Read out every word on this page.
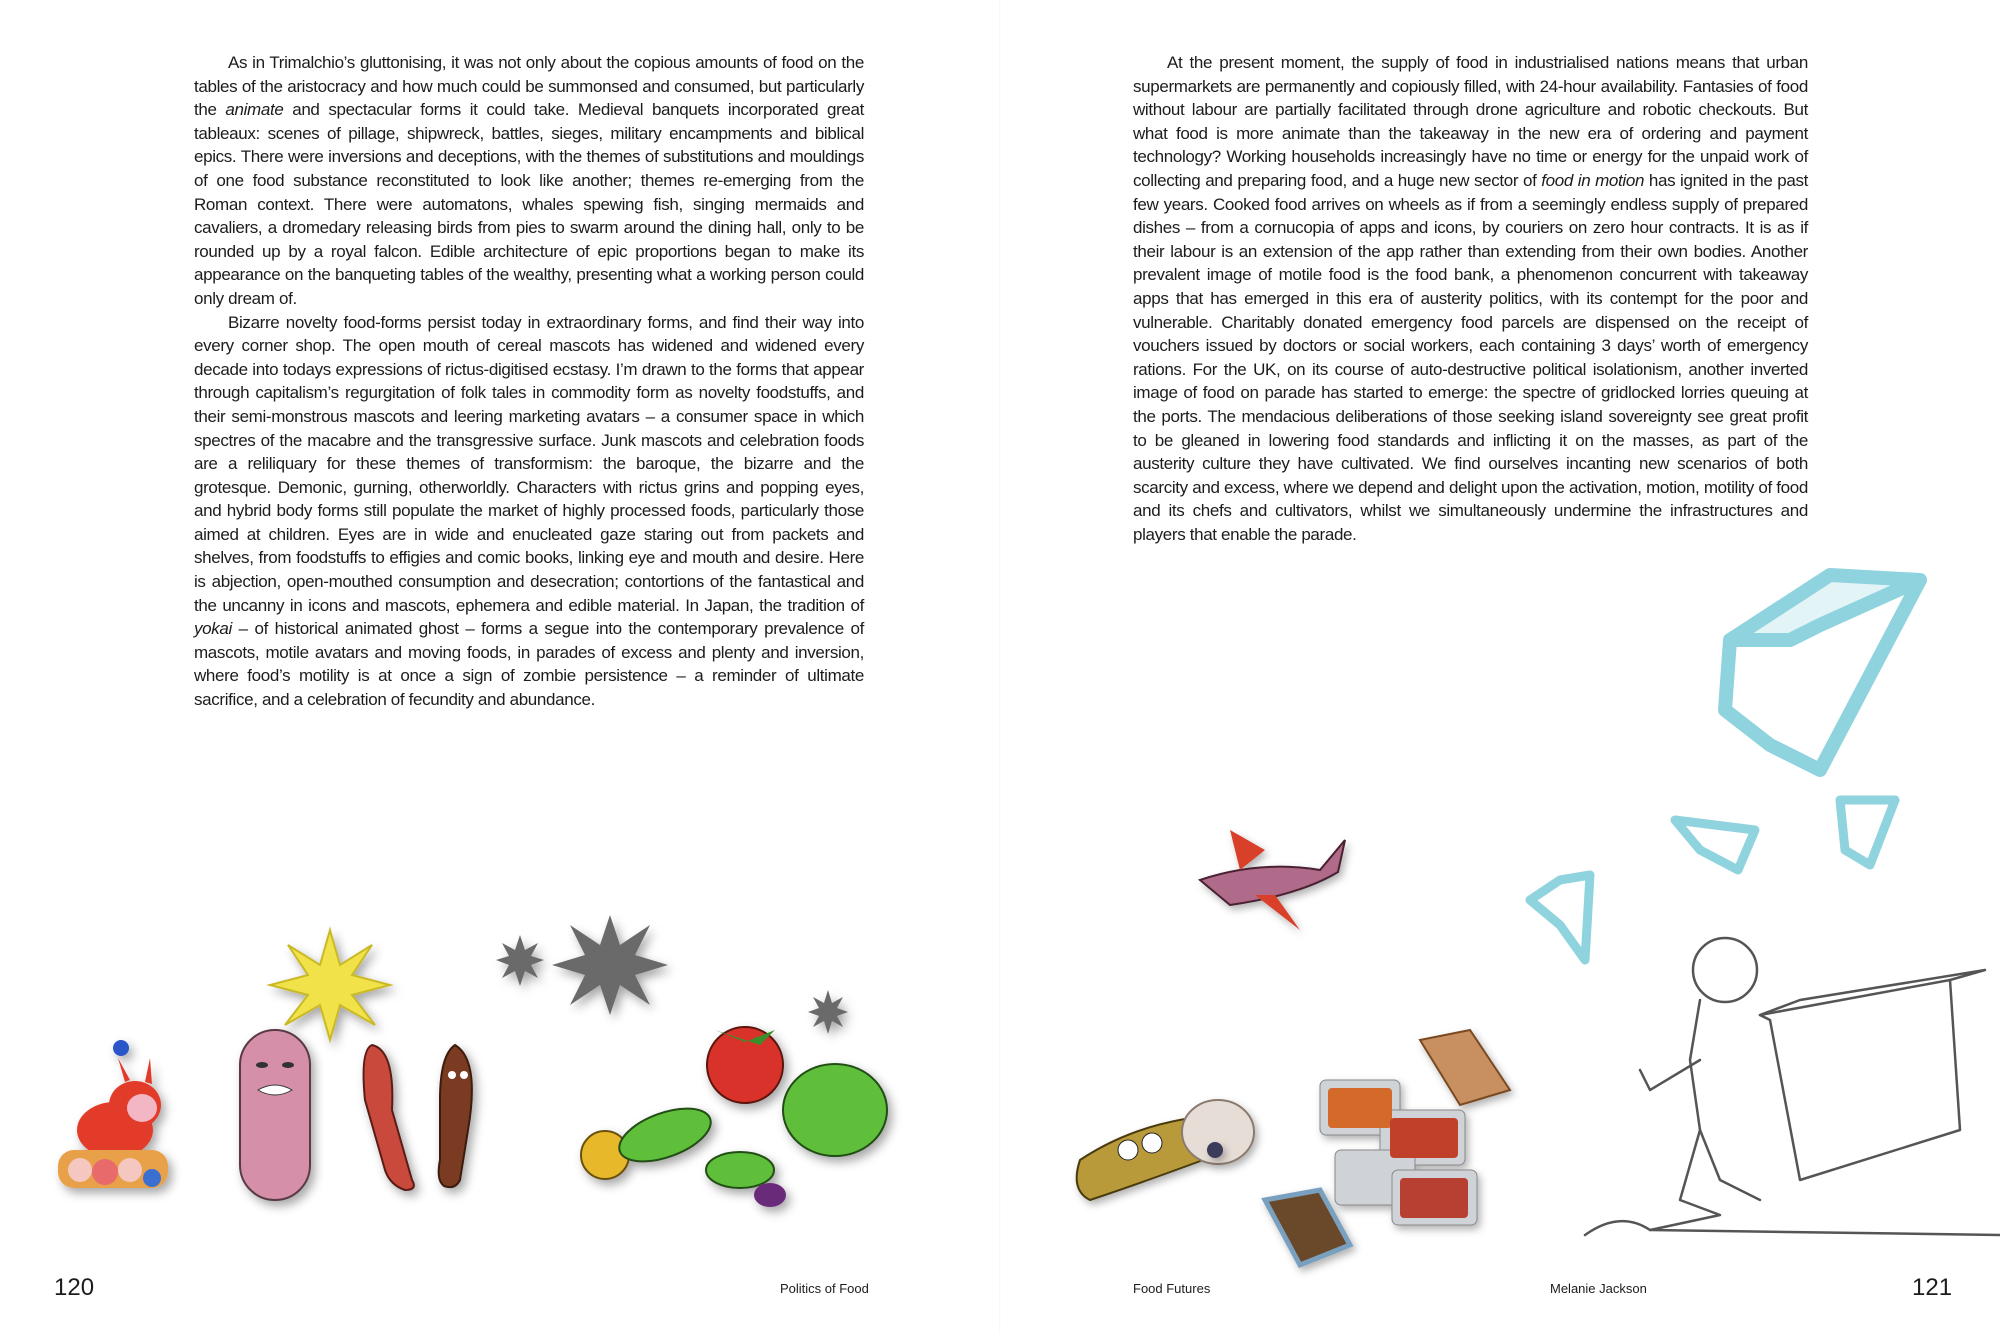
As in Trimalchio’s gluttonising, it was not only about the copious amounts of food on the tables of the aristocracy and how much could be summonsed and consumed, but particularly the animate and spectacular forms it could take. Medieval banquets incorporated great tableaux: scenes of pillage, shipwreck, battles, sieges, military encampments and biblical epics. There were inversions and deceptions, with the themes of substitutions and mouldings of one food substance reconstituted to look like another; themes re-emerging from the Roman context. There were automatons, whales spewing fish, singing mermaids and cavaliers, a dromedary releasing birds from pies to swarm around the dining hall, only to be rounded up by a royal falcon. Edible architecture of epic proportions began to make its appearance on the banqueting tables of the wealthy, presenting what a working person could only dream of.

Bizarre novelty food-forms persist today in extraordinary forms, and find their way into every corner shop. The open mouth of cereal mascots has widened and widened every decade into todays expressions of rictus-digitised ecstasy. I’m drawn to the forms that appear through capitalism’s regurgitation of folk tales in commodity form as novelty foodstuffs, and their semi-monstrous mascots and leering marketing avatars – a consumer space in which spectres of the macabre and the transgressive surface. Junk mascots and celebration foods are a reliliquary for these themes of transformism: the baroque, the bizarre and the grotesque. Demonic, gurning, otherworldly. Characters with rictus grins and popping eyes, and hybrid body forms still populate the market of highly processed foods, particularly those aimed at children. Eyes are in wide and enucleated gaze staring out from packets and shelves, from foodstuffs to effigies and comic books, linking eye and mouth and desire. Here is abjection, open-mouthed consumption and desecration; contortions of the fantastical and the uncanny in icons and mascots, ephemera and edible material. In Japan, the tradition of yokai – of historical animated ghost – forms a segue into the contemporary prevalence of mascots, motile avatars and moving foods, in parades of excess and plenty and inversion, where food’s motility is at once a sign of zombie persistence – a reminder of ultimate sacrifice, and a celebration of fecundity and abundance.

120	Politics of Food

At the present moment, the supply of food in industrialised nations means that urban supermarkets are permanently and copiously filled, with 24-hour availability. Fantasies of food without labour are partially facilitated through drone agriculture and robotic checkouts. But what food is more animate than the takeaway in the new era of ordering and payment technology? Working households increasingly have no time or energy for the unpaid work of collecting and preparing food, and a huge new sector of food in motion has ignited in the past few years. Cooked food arrives on wheels as if from a seemingly endless supply of prepared dishes – from a cornucopia of apps and icons, by couriers on zero hour contracts. It is as if their labour is an extension of the app rather than extending from their own bodies. Another prevalent image of motile food is the food bank, a phenomenon concurrent with takeaway apps that has emerged in this era of austerity politics, with its contempt for the poor and vulnerable. Charitably donated emergency food parcels are dispensed on the receipt of vouchers issued by doctors or social workers, each containing 3 days’ worth of emergency rations. For the UK, on its course of auto-destructive political isolationism, another inverted image of food on parade has started to emerge: the spectre of gridlocked lorries queuing at the ports. The mendacious deliberations of those seeking island sovereignty see great profit to be gleaned in lowering food standards and inflicting it on the masses, as part of the austerity culture they have cultivated. We find ourselves incanting new scenarios of both scarcity and excess, where we depend and delight upon the activation, motion, motility of food and its chefs and cultivators, whilst we simultaneously undermine the infrastructures and players that enable the parade.

121
Food Futures	Melanie Jackson
